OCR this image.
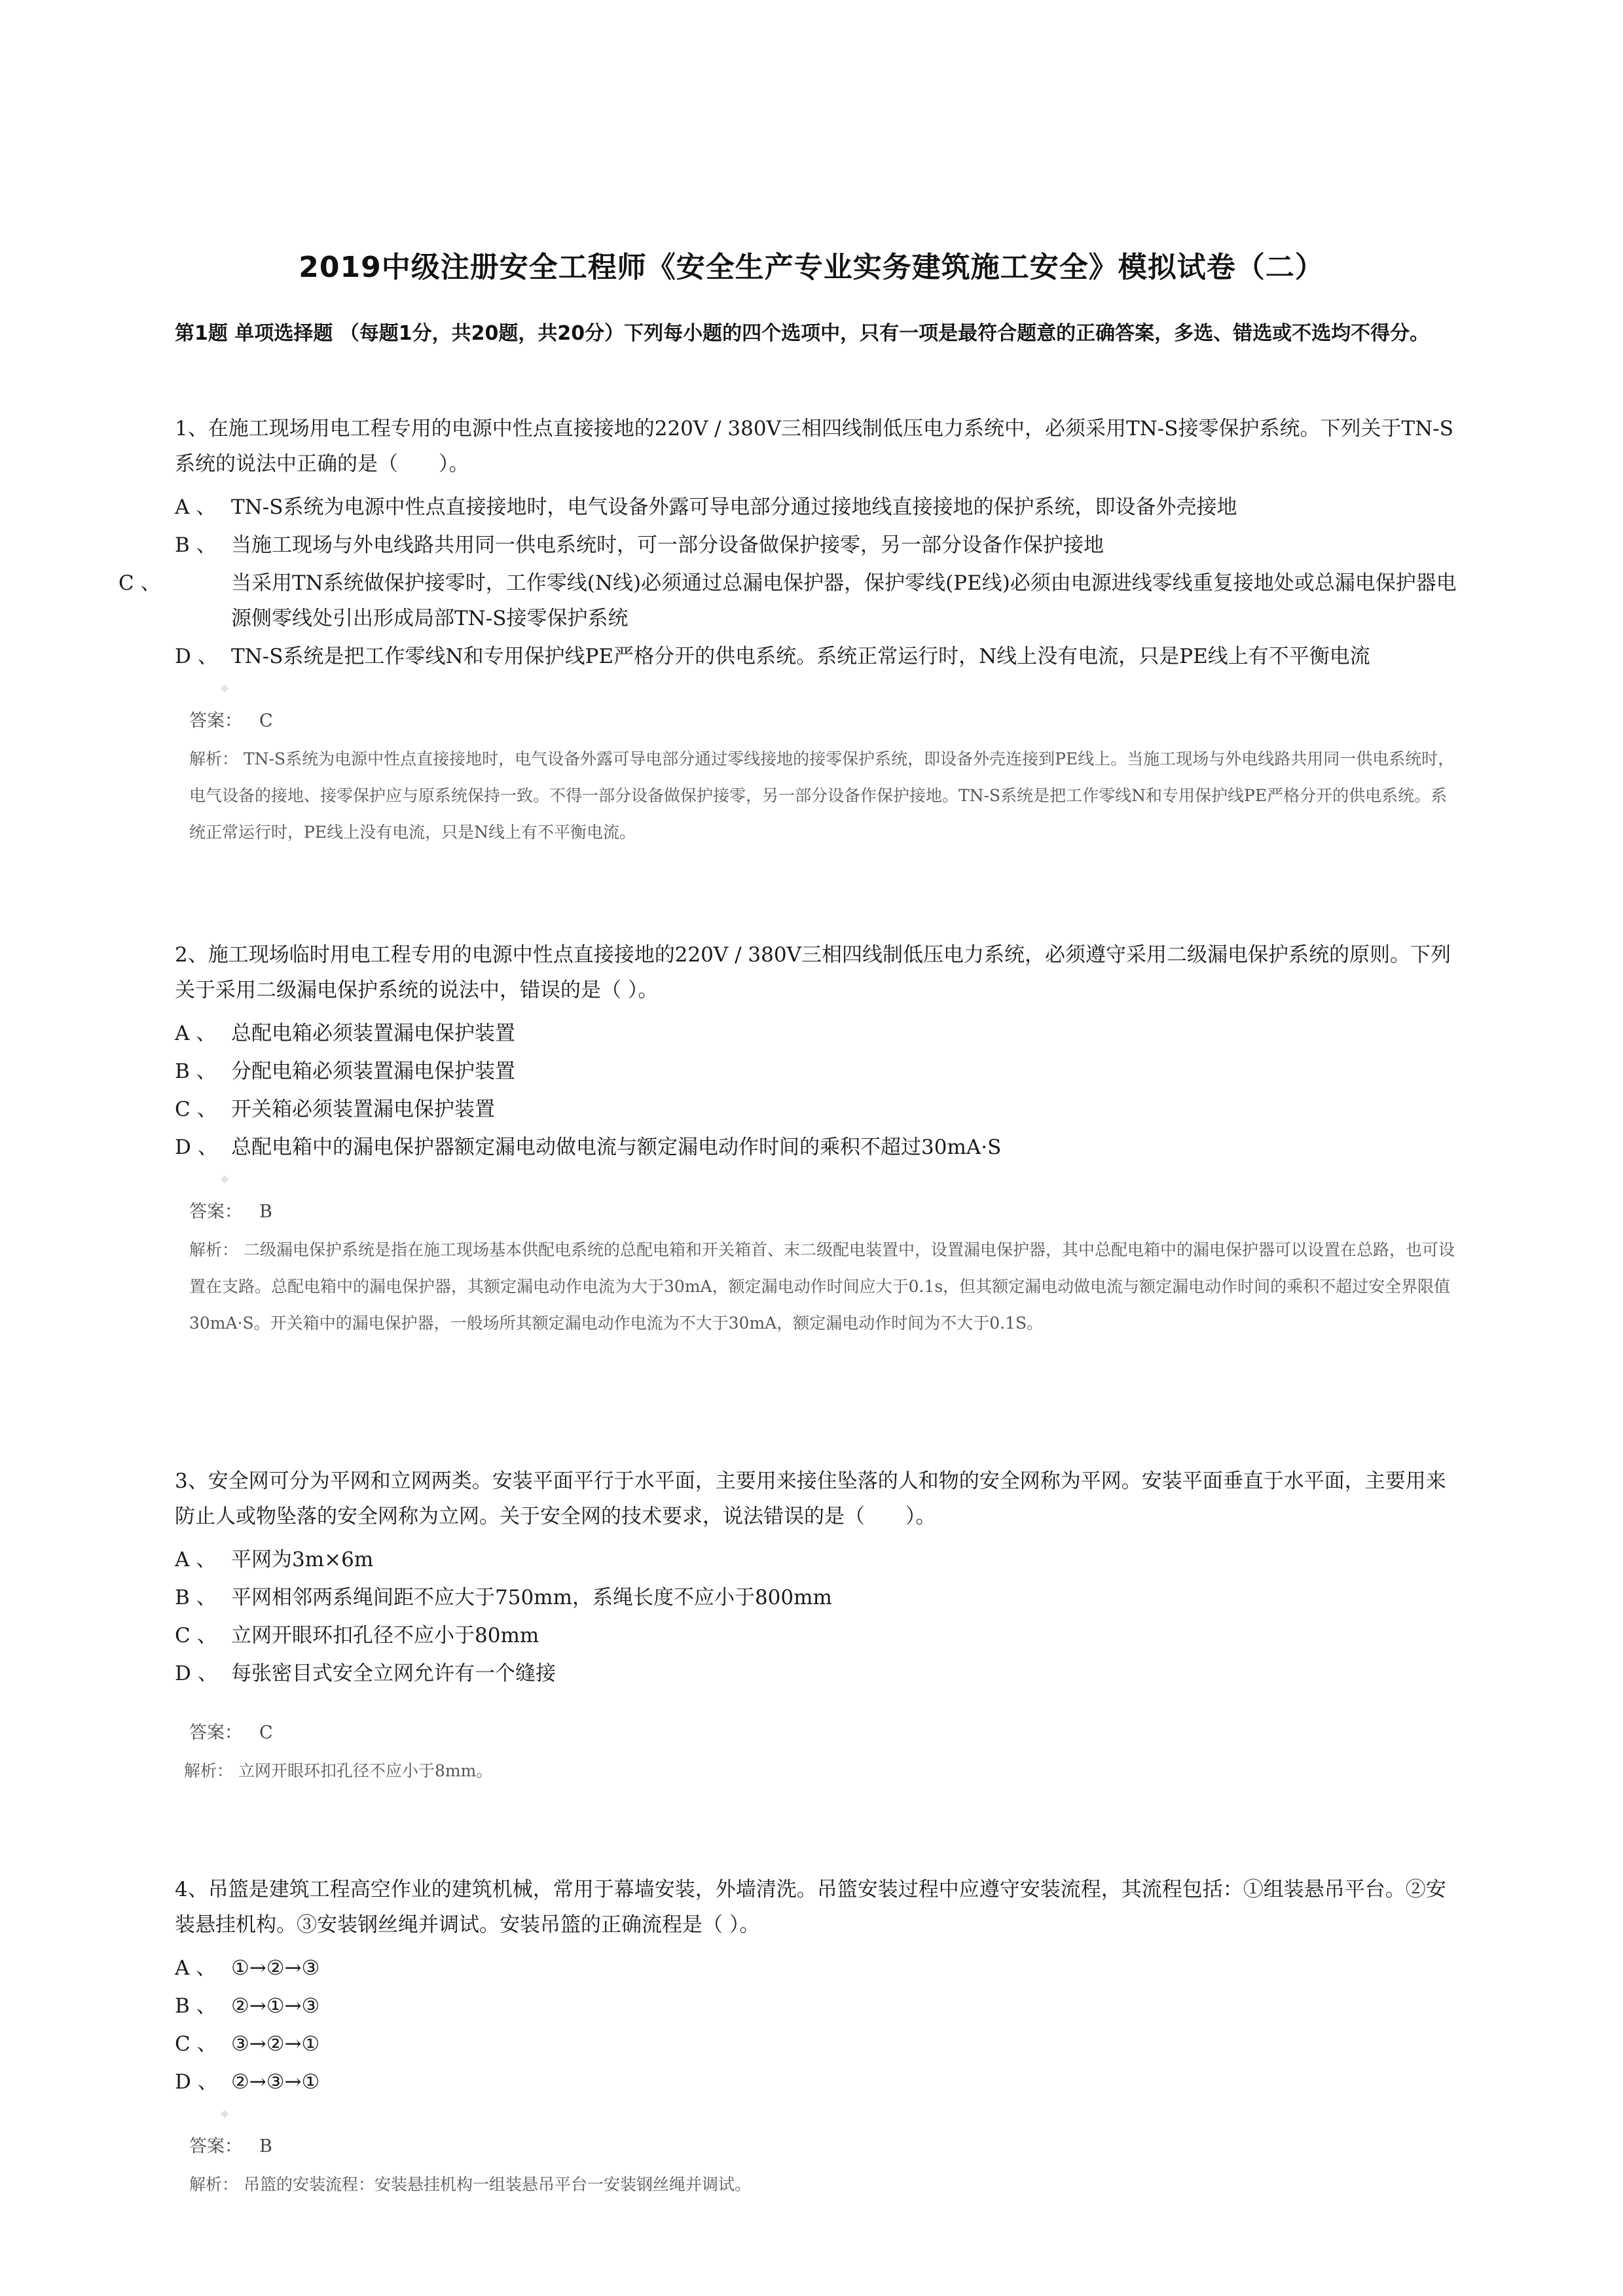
2019中级注册安全工程师《安全生产专业实务建筑施工安全》模拟试卷（二）
第1题 单项选择题 （每题1分，共20题，共20分）下列每小题的四个选项中，只有一项是最符合题意的正确答案，多选、错选或不选均不得分。
1、在施工现场用电工程专用的电源中性点直接接地的220V / 380V三相四线制低压电力系统中，必须采用TN-S接零保护系统。下列关于TN-S系统的说法中正确的是（　　）。
A 、 TN-S系统为电源中性点直接接地时，电气设备外露可导电部分通过接地线直接接地的保护系统，即设备外壳接地
B 、 当施工现场与外电线路共用同一供电系统时，可一部分设备做保护接零，另一部分设备作保护接地
C 、	当采用TN系统做保护接零时，工作零线(N线)必须通过总漏电保护器，保护零线(PE线)必须由电源进线零线重复接地处或总漏电保护器电源侧零线处引出形成局部TN-S接零保护系统
D 、 TN-S系统是把工作零线N和专用保护线PE严格分开的供电系统。系统正常运行时，N线上没有电流，只是PE线上有不平衡电流
◆
答案： C
解析： TN-S系统为电源中性点直接接地时，电气设备外露可导电部分通过零线接地的接零保护系统，即设备外壳连接到PE线上。当施工现场与外电线路共用同一供电系统时，电气设备的接地、接零保护应与原系统保持一致。不得一部分设备做保护接零，另一部分设备作保护接地。TN-S系统是把工作零线N和专用保护线PE严格分开的供电系统。系统正常运行时，PE线上没有电流，只是N线上有不平衡电流。
2、施工现场临时用电工程专用的电源中性点直接接地的220V / 380V三相四线制低压电力系统，必须遵守采用二级漏电保护系统的原则。下列关于采用二级漏电保护系统的说法中，错误的是（ ）。
A 、 总配电箱必须装置漏电保护装置
B 、 分配电箱必须装置漏电保护装置
C 、 开关箱必须装置漏电保护装置
D 、 总配电箱中的漏电保护器额定漏电动做电流与额定漏电动作时间的乘积不超过30mA·S
◆
答案： B
解析： 二级漏电保护系统是指在施工现场基本供配电系统的总配电箱和开关箱首、末二级配电装置中，设置漏电保护器，其中总配电箱中的漏电保护器可以设置在总路，也可设置在支路。总配电箱中的漏电保护器，其额定漏电动作电流为大于30mA，额定漏电动作时间应大于0.1s，但其额定漏电动做电流与额定漏电动作时间的乘积不超过安全界限值30mA·S。开关箱中的漏电保护器，一般场所其额定漏电动作电流为不大于30mA，额定漏电动作时间为不大于0.1S。
3、安全网可分为平网和立网两类。安装平面平行于水平面，主要用来接住坠落的人和物的安全网称为平网。安装平面垂直于水平面，主要用来防止人或物坠落的安全网称为立网。关于安全网的技术要求，说法错误的是（　　）。
A 、 平网为3m×6m
B 、 平网相邻两系绳间距不应大于750mm，系绳长度不应小于800mm
C 、 立网开眼环扣孔径不应小于80mm
D 、 每张密目式安全立网允许有一个缝接
答案： C
解析： 立网开眼环扣孔径不应小于8mm。
4、吊篮是建筑工程高空作业的建筑机械，常用于幕墙安装，外墙清洗。吊篮安装过程中应遵守安装流程，其流程包括：①组装悬吊平台。②安装悬挂机构。③安装钢丝绳并调试。安装吊篮的正确流程是（ ）。
A 、 ①→②→③
B 、 ②→①→③
C 、 ③→②→①
D 、 ②→③→①
◆
答案： B
解析： 吊篮的安装流程：安装悬挂机构一组装悬吊平台一安装钢丝绳并调试。
